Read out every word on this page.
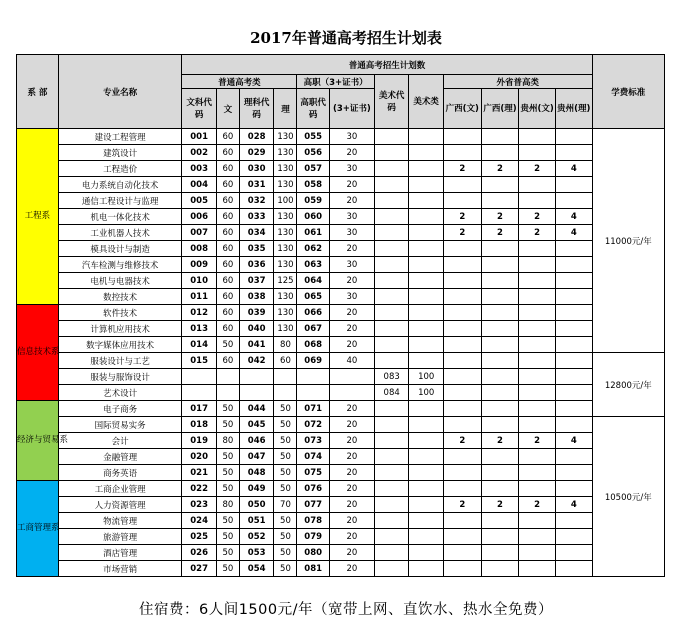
2017年普通高考招生计划表
系 部	专业名称	普通高考招生计划数												学费标准
		普通高考类				高职（3+证书）		美术代码	美术类	外省普高类				
		文科代码	文	理科代码	理	高职代码	(3+证书)			广西(文)	广西(理)	贵州(文)	贵州(理)	
工程系	建设工程管理	001	60	028	130	055	30							11000元/年
	建筑设计	002	60	029	130	056	20							
	工程造价	003	60	030	130	057	30			2	2	2	4	
	电力系统自动化技术	004	60	031	130	058	20							
	通信工程设计与监理	005	60	032	100	059	20							
	机电一体化技术	006	60	033	130	060	30			2	2	2	4	
	工业机器人技术	007	60	034	130	061	30			2	2	2	4	
	模具设计与制造	008	60	035	130	062	20							
	汽车检测与维修技术	009	60	036	130	063	30							
	电机与电器技术	010	60	037	125	064	20							
	数控技术	011	60	038	130	065	30							
信息技术系	软件技术	012	60	039	130	066	20							
	计算机应用技术	013	60	040	130	067	20							
	数字媒体应用技术	014	50	041	80	068	20							
	服装设计与工艺	015	60	042	60	069	40							12800元/年
	服装与服饰设计							083	100					
	艺术设计							084	100					
经济与贸易系	电子商务	017	50	044	50	071	20							
	国际贸易实务	018	50	045	50	072	20							10500元/年
	会计	019	80	046	50	073	20			2	2	2	4	
	金融管理	020	50	047	50	074	20							
	商务英语	021	50	048	50	075	20							
工商管理系	工商企业管理	022	50	049	50	076	20							
	人力资源管理	023	80	050	70	077	20			2	2	2	4	
	物流管理	024	50	051	50	078	20							
	旅游管理	025	50	052	50	079	20							
	酒店管理	026	50	053	50	080	20							
	市场营销	027	50	054	50	081	20							
住宿费：6人间1500元/年（宽带上网、直饮水、热水全免费）
